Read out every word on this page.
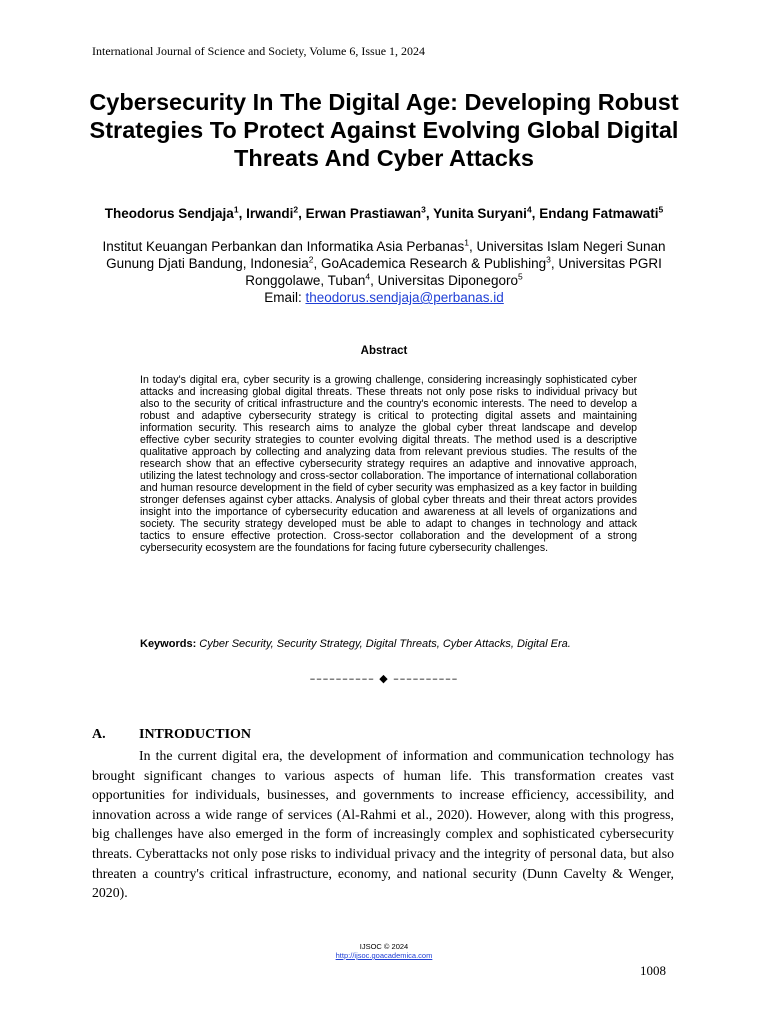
International Journal of Science and Society, Volume 6, Issue 1, 2024
Cybersecurity In The Digital Age: Developing Robust Strategies To Protect Against Evolving Global Digital Threats And Cyber Attacks
Theodorus Sendjaja$^1$, Irwandi$^2$, Erwan Prastiawan$^3$, Yunita Suryani$^4$, Endang Fatmawati$^5$
Institut Keuangan Perbankan dan Informatika Asia Perbanas$^1$, Universitas Islam Negeri Sunan Gunung Djati Bandung, Indonesia$^2$, GoAcademica Research & Publishing$^3$, Universitas PGRI Ronggolawe, Tuban$^4$, Universitas Diponegoro$^5$
Email: theodorus.sendjaja@perbanas.id
Abstract

In today's digital era, cyber security is a growing challenge, considering increasingly sophisticated cyber attacks and increasing global digital threats. These threats not only pose risks to individual privacy but also to the security of critical infrastructure and the country's economic interests. The need to develop a robust and adaptive cybersecurity strategy is critical to protecting digital assets and maintaining information security. This research aims to analyze the global cyber threat landscape and develop effective cyber security strategies to counter evolving digital threats. The method used is a descriptive qualitative approach by collecting and analyzing data from relevant previous studies. The results of the research show that an effective cybersecurity strategy requires an adaptive and innovative approach, utilizing the latest technology and cross-sector collaboration. The importance of international collaboration and human resource development in the field of cyber security was emphasized as a key factor in building stronger defenses against cyber attacks. Analysis of global cyber threats and their threat actors provides insight into the importance of cybersecurity education and awareness at all levels of organizations and society. The security strategy developed must be able to adapt to changes in technology and attack tactics to ensure effective protection. Cross-sector collaboration and the development of a strong cybersecurity ecosystem are the foundations for facing future cybersecurity challenges.

Keywords: Cyber Security, Security Strategy, Digital Threats, Cyber Attacks, Digital Era.
–––––––––– ◆ ––––––––––
A. INTRODUCTION

In the current digital era, the development of information and communication technology has brought significant changes to various aspects of human life. This transformation creates vast opportunities for individuals, businesses, and governments to increase efficiency, accessibility, and innovation across a wide range of services (Al-Rahmi et al., 2020). However, along with this progress, big challenges have also emerged in the form of increasingly complex and sophisticated cybersecurity threats. Cyberattacks not only pose risks to individual privacy and the integrity of personal data, but also threaten a country's critical infrastructure, economy, and national security (Dunn Cavelty & Wenger, 2020).

IJSOC © 2024
http://ijsoc.goacademica.com
1008
